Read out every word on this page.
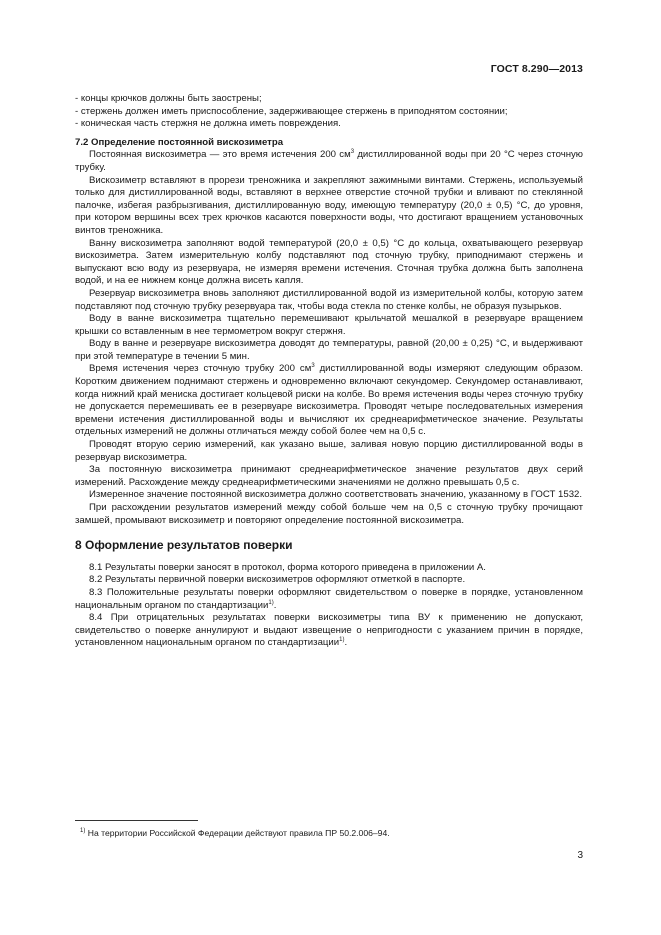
ГОСТ 8.290—2013

- концы крючков должны быть заострены;

- стержень должен иметь приспособление, задерживающее стержень в приподнятом состоянии;

- коническая часть стержня не должна иметь повреждения.

7.2 Определение постоянной вискозиметра

Постоянная вискозиметра — это время истечения 200 $см^3$ дистиллированной воды при 20 °С через сточную трубку.

Вискозиметр вставляют в прорези треножника и закрепляют зажимными винтами. Стержень, используемый только для дистиллированной воды, вставляют в верхнее отверстие сточной трубки и вливают по стеклянной палочке, избегая разбрызгивания, дистиллированную воду, имеющую температуру (20,0 ± 0,5) °С, до уровня, при котором вершины всех трех крючков касаются поверхности воды, что достигают вращением установочных винтов треножника.

Ванну вискозиметра заполняют водой температурой (20,0 ± 0,5) °С до кольца, охватывающего резервуар вискозиметра. Затем измерительную колбу подставляют под сточную трубку, приподнимают стержень и выпускают всю воду из резервуара, не измеряя времени истечения. Сточная трубка должна быть заполнена водой, и на ее нижнем конце должна висеть капля.

Резервуар вискозиметра вновь заполняют дистиллированной водой из измерительной колбы, которую затем подставляют под сточную трубку резервуара так, чтобы вода стекла по стенке колбы, не образуя пузырьков.

Воду в ванне вискозиметра тщательно перемешивают крыльчатой мешалкой в резервуаре вращением крышки со вставленным в нее термометром вокруг стержня.

Воду в ванне и резервуаре вискозиметра доводят до температуры, равной (20,00 ± 0,25) °С, и выдерживают при этой температуре в течении 5 мин.

Время истечения через сточную трубку 200 $см^3$ дистиллированной воды измеряют следующим образом. Коротким движением поднимают стержень и одновременно включают секундомер. Секундомер останавливают, когда нижний край мениска достигает кольцевой риски на колбе. Во время истечения воды через сточную трубку не допускается перемешивать ее в резервуаре вискозиметра. Проводят четыре последовательных измерения времени истечения дистиллированной воды и вычисляют их среднеарифметическое значение. Результаты отдельных измерений не должны отличаться между собой более чем на 0,5 с.

Проводят вторую серию измерений, как указано выше, заливая новую порцию дистиллированной воды в резервуар вискозиметра.

За постоянную вискозиметра принимают среднеарифметическое значение результатов двух серий измерений. Расхождение между среднеарифметическими значениями не должно превышать 0,5 с.

Измеренное значение постоянной вискозиметра должно соответствовать значению, указанному в ГОСТ 1532.

При расхождении результатов измерений между собой больше чем на 0,5 с сточную трубку прочищают замшей, промывают вискозиметр и повторяют определение постоянной вискозиметра.

8 Оформление результатов поверки

8.1 Результаты поверки заносят в протокол, форма которого приведена в приложении А.

8.2 Результаты первичной поверки вискозиметров оформляют отметкой в паспорте.

8.3 Положительные результаты поверки оформляют свидетельством о поверке в порядке, установленном национальным органом по стандартизации$^{1)}$.

8.4 При отрицательных результатах поверки вискозиметры типа ВУ к применению не допускают, свидетельство о поверке аннулируют и выдают извещение о непригодности с указанием причин в порядке, установленном национальным органом по стандартизации$^{1)}$.

$^{1)}$ На территории Российской Федерации действуют правила ПР 50.2.006–94.
3
